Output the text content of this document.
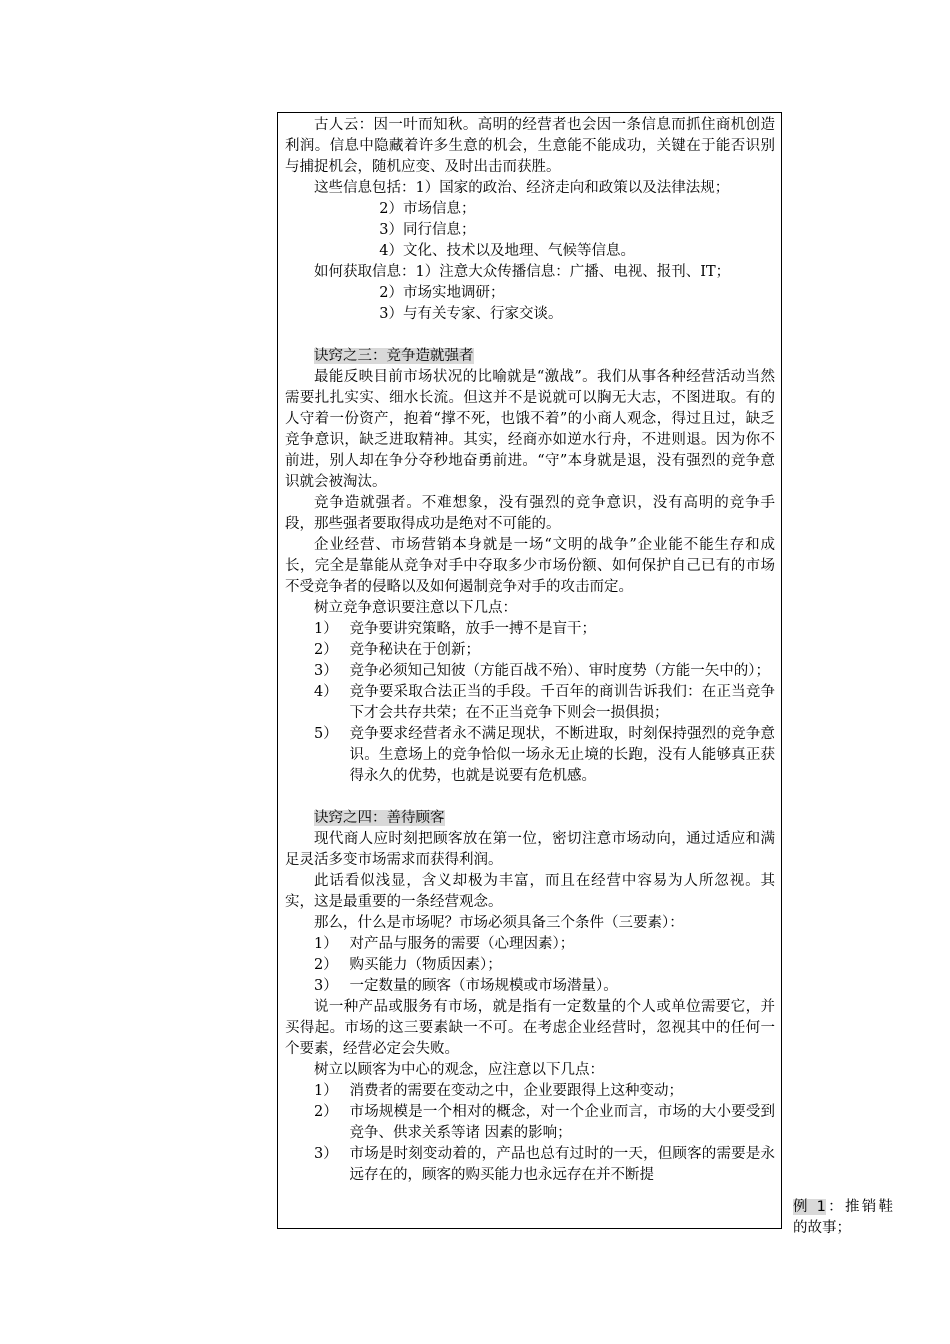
古人云：因一叶而知秋。高明的经营者也会因一条信息而抓住商机创造利润。信息中隐藏着许多生意的机会，生意能不能成功，关键在于能否识别与捕捉机会，随机应变、及时出击而获胜。

这些信息包括：1）国家的政治、经济走向和政策以及法律法规；

2）市场信息；

3）同行信息；

4）文化、技术以及地理、气候等信息。

如何获取信息：1）注意大众传播信息：广播、电视、报刊、IT；

2）市场实地调研；

3）与有关专家、行家交谈。

诀窍之三：竞争造就强者

最能反映目前市场状况的比喻就是“激战”。我们从事各种经营活动当然需要扎扎实实、细水长流。但这并不是说就可以胸无大志，不图进取。有的人守着一份资产，抱着“撑不死，也饿不着”的小商人观念，得过且过，缺乏竞争意识，缺乏进取精神。其实，经商亦如逆水行舟，不进则退。因为你不前进，别人却在争分夺秒地奋勇前进。“守”本身就是退，没有强烈的竞争意识就会被淘汰。

竞争造就强者。不难想象，没有强烈的竞争意识，没有高明的竞争手段，那些强者要取得成功是绝对不可能的。

企业经营、市场营销本身就是一场“文明的战争”企业能不能生存和成长，完全是靠能从竞争对手中夺取多少市场份额、如何保护自己已有的市场不受竞争者的侵略以及如何遏制竞争对手的攻击而定。

树立竞争意识要注意以下几点：

1） 竞争要讲究策略，放手一搏不是盲干；
2） 竞争秘诀在于创新；
3） 竞争必须知己知彼（方能百战不殆）、审时度势（方能一矢中的）；
4） 竞争要采取合法正当的手段。千百年的商训告诉我们：在正当竞争下才会共存共荣；在不正当竞争下则会一损俱损；
5） 竞争要求经营者永不满足现状，不断进取，时刻保持强烈的竞争意识。生意场上的竞争恰似一场永无止境的长跑，没有人能够真正获得永久的优势，也就是说要有危机感。

诀窍之四：善待顾客

现代商人应时刻把顾客放在第一位，密切注意市场动向，通过适应和满足灵活多变市场需求而获得利润。

此话看似浅显，含义却极为丰富，而且在经营中容易为人所忽视。其实，这是最重要的一条经营观念。

那么，什么是市场呢？市场必须具备三个条件（三要素）：

1） 对产品与服务的需要（心理因素）；
2） 购买能力（物质因素）；
3） 一定数量的顾客（市场规模或市场潜量）。

说一种产品或服务有市场，就是指有一定数量的个人或单位需要它，并买得起。市场的这三要素缺一不可。在考虑企业经营时，忽视其中的任何一个要素，经营必定会失败。

树立以顾客为中心的观念，应注意以下几点：

1） 消费者的需要在变动之中，企业要跟得上这种变动；
2） 市场规模是一个相对的概念，对一个企业而言，市场的大小要受到竞争、供求关系等诸 因素的影响；
3） 市场是时刻变动着的，产品也总有过时的一天，但顾客的需要是永远存在的，顾客的购买能力也永远存在并不断提
例 1：推销鞋的故事；
